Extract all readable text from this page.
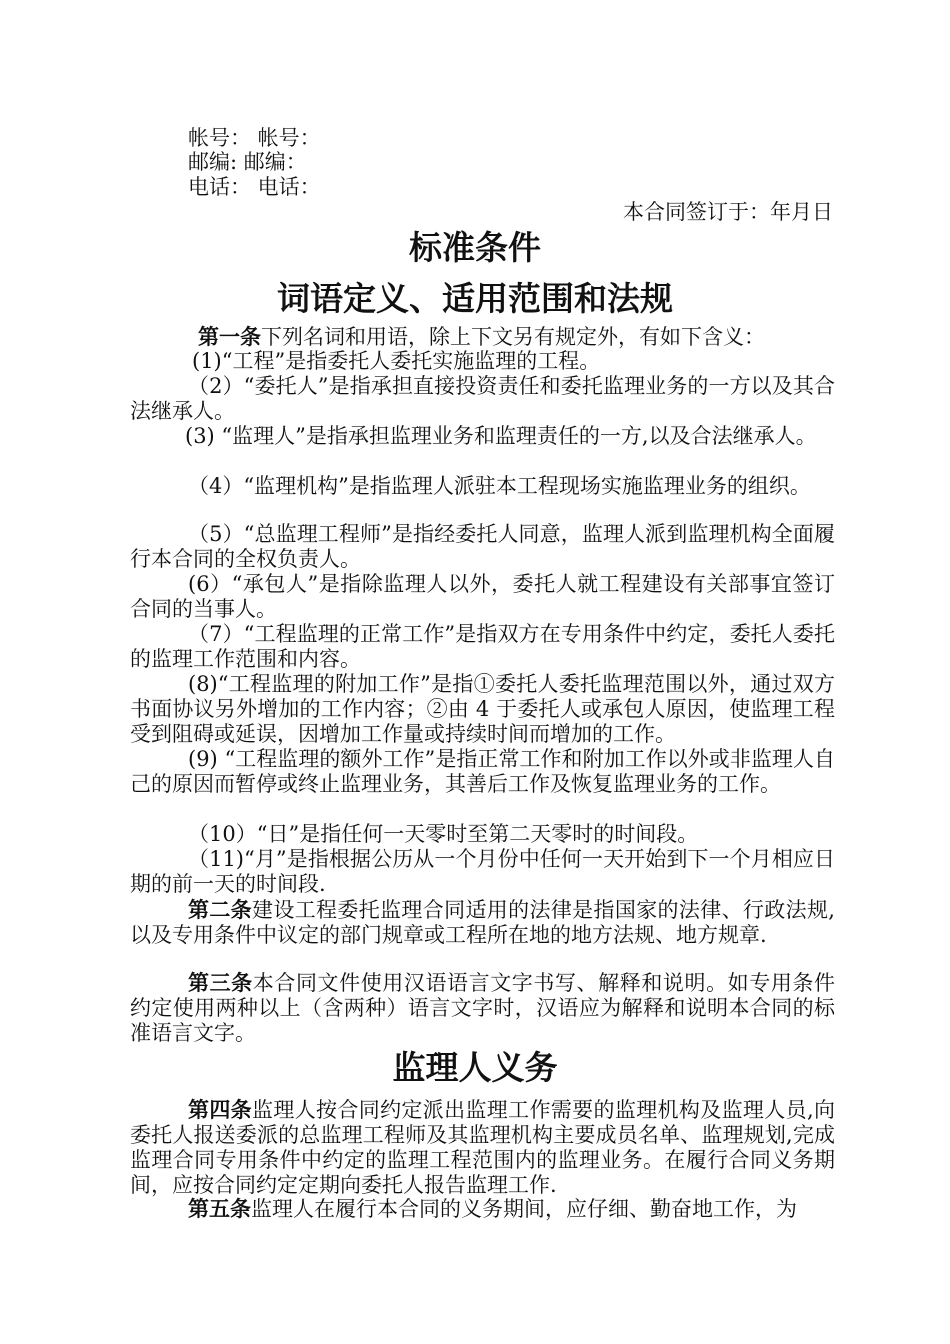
帐号： 帐号：
邮编: 邮编：
电话： 电话：
本合同签订于：年月日
标准条件
词语定义、适用范围和法规
第一条下列名词和用语，除上下文另有规定外，有如下含义：
(1)“工程”是指委托人委托实施监理的工程。
（2）“委托人”是指承担直接投资责任和委托监理业务的一方以及其合法继承人。
(3) “监理人”是指承担监理业务和监理责任的一方,以及合法继承人。
（4）“监理机构”是指监理人派驻本工程现场实施监理业务的组织。
（5）“总监理工程师”是指经委托人同意，监理人派到监理机构全面履行本合同的全权负责人。
(6）“承包人”是指除监理人以外，委托人就工程建设有关部事宜签订合同的当事人。
（7）“工程监理的正常工作”是指双方在专用条件中约定，委托人委托的监理工作范围和内容。
(8)“工程监理的附加工作”是指①委托人委托监理范围以外，通过双方书面协议另外增加的工作内容；②由 4 于委托人或承包人原因，使监理工程受到阻碍或延误，因增加工作量或持续时间而增加的工作。
(9) “工程监理的额外工作”是指正常工作和附加工作以外或非监理人自己的原因而暂停或终止监理业务，其善后工作及恢复监理业务的工作。
（10）“日”是指任何一天零时至第二天零时的时间段。
（11)“月”是指根据公历从一个月份中任何一天开始到下一个月相应日期的前一天的时间段.
第二条建设工程委托监理合同适用的法律是指国家的法律、行政法规,以及专用条件中议定的部门规章或工程所在地的地方法规、地方规章.
第三条本合同文件使用汉语语言文字书写、解释和说明。如专用条件约定使用两种以上（含两种）语言文字时，汉语应为解释和说明本合同的标准语言文字。
监理人义务
第四条监理人按合同约定派出监理工作需要的监理机构及监理人员,向委托人报送委派的总监理工程师及其监理机构主要成员名单、监理规划,完成监理合同专用条件中约定的监理工程范围内的监理业务。在履行合同义务期间，应按合同约定定期向委托人报告监理工作.
第五条监理人在履行本合同的义务期间，应仔细、勤奋地工作，为
